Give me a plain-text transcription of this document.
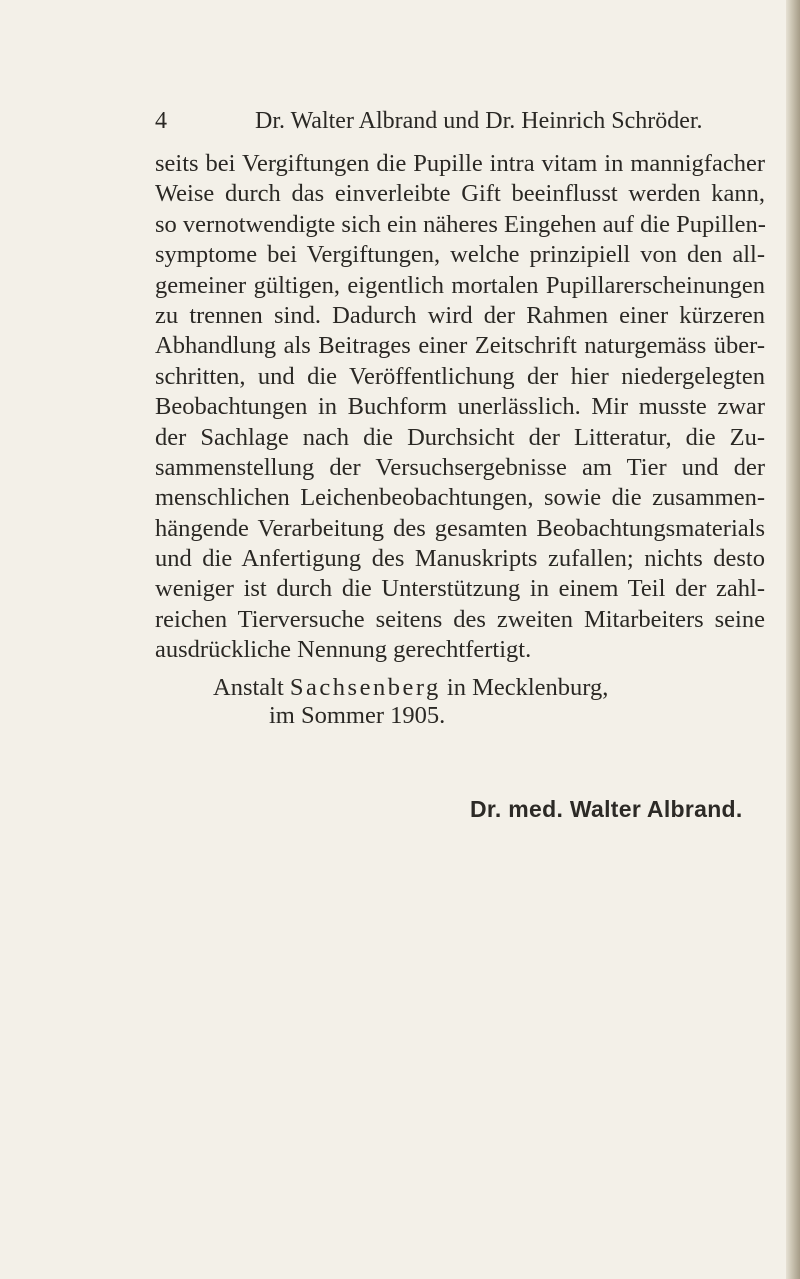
4	Dr. Walter Albrand und Dr. Heinrich Schröder.
seits bei Vergiftungen die Pupille intra vitam in mannigfacher
Weise durch das einverleibte Gift beeinflusst werden kann,
so vernotwendigte sich ein näheres Eingehen auf die Pupillen-
symptome bei Vergiftungen, welche prinzipiell von den all-
gemeiner gültigen, eigentlich mortalen Pupillarerscheinungen
zu trennen sind. Dadurch wird der Rahmen einer kürzeren
Abhandlung als Beitrages einer Zeitschrift naturgemäss über-
schritten, und die Veröffentlichung der hier niedergelegten
Beobachtungen in Buchform unerlässlich. Mir musste zwar
der Sachlage nach die Durchsicht der Litteratur, die Zu-
sammenstellung der Versuchsergebnisse am Tier und der
menschlichen Leichenbeobachtungen, sowie die zusammen-
hängende Verarbeitung des gesamten Beobachtungsmaterials
und die Anfertigung des Manuskripts zufallen; nichts desto
weniger ist durch die Unterstützung in einem Teil der zahl-
reichen Tierversuche seitens des zweiten Mitarbeiters seine
ausdrückliche Nennung gerechtfertigt.
Anstalt Sachsenberg in Mecklenburg,
im Sommer 1905.
Dr. med. Walter Albrand.
